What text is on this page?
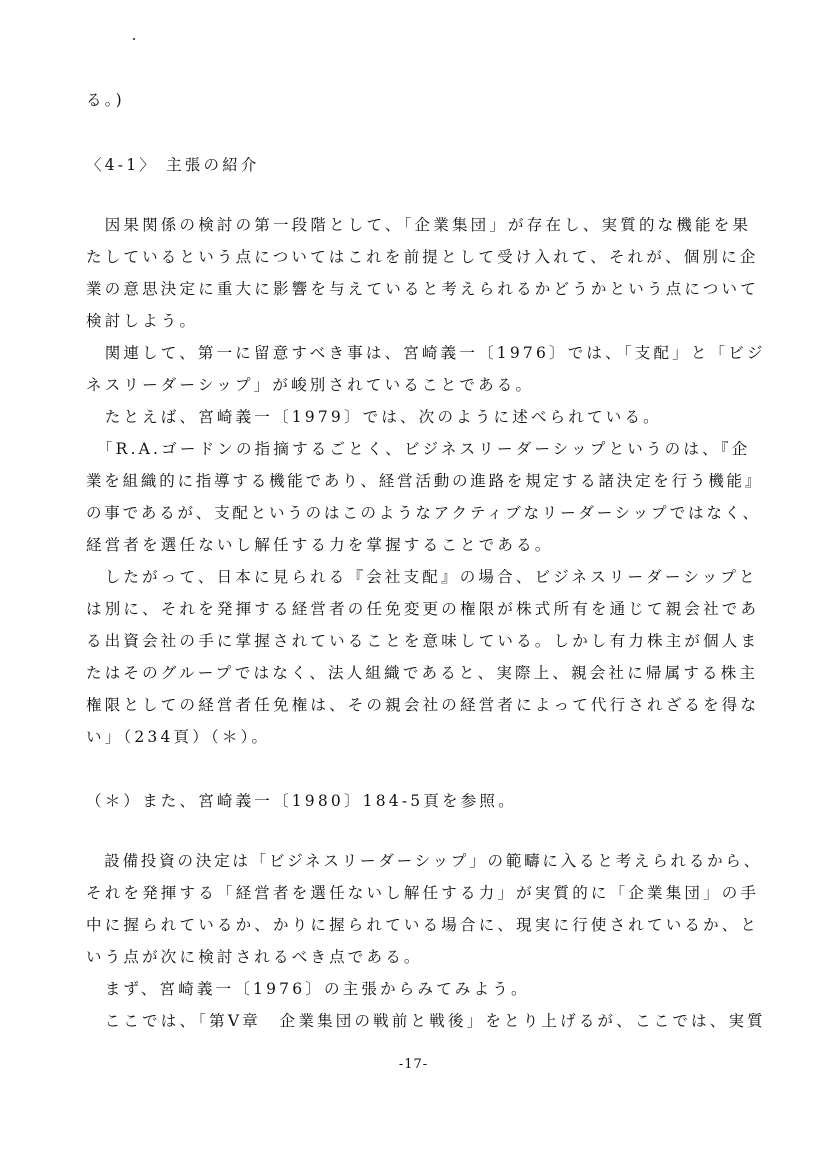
る。)
〈4-1〉 主張の紹介
　因果関係の検討の第一段階として、「企業集団」が存在し、実質的な機能を果
たしているという点についてはこれを前提として受け入れて、それが、個別に企
業の意思決定に重大に影響を与えていると考えられるかどうかという点について
検討しよう。
　関連して、第一に留意すべき事は、宮崎義一〔1976〕では、「支配」と「ビジ
ネスリーダーシップ」が峻別されていることである。
　たとえば、宮崎義一〔1979〕では、次のように述べられている。
　「R.A.ゴードンの指摘するごとく、ビジネスリーダーシップというのは、『企
業を組織的に指導する機能であり、経営活動の進路を規定する諸決定を行う機能』
の事であるが、支配というのはこのようなアクティブなリーダーシップではなく、
経営者を選任ないし解任する力を掌握することである。
　したがって、日本に見られる『会社支配』の場合、ビジネスリーダーシップと
は別に、それを発揮する経営者の任免変更の権限が株式所有を通じて親会社であ
る出資会社の手に掌握されていることを意味している。しかし有力株主が個人ま
たはそのグループではなく、法人組織であると、実際上、親会社に帰属する株主
権限としての経営者任免権は、その親会社の経営者によって代行されざるを得な
い」（234頁）（＊）。
（＊）また、宮崎義一〔1980〕184-5頁を参照。
　設備投資の決定は「ビジネスリーダーシップ」の範疇に入ると考えられるから、
それを発揮する「経営者を選任ないし解任する力」が実質的に「企業集団」の手
中に握られているか、かりに握られている場合に、現実に行使されているか、と
いう点が次に検討されるべき点である。
　まず、宮崎義一〔1976〕の主張からみてみよう。
　ここでは、「第V章　企業集団の戦前と戦後」をとり上げるが、ここでは、実質
-17-
